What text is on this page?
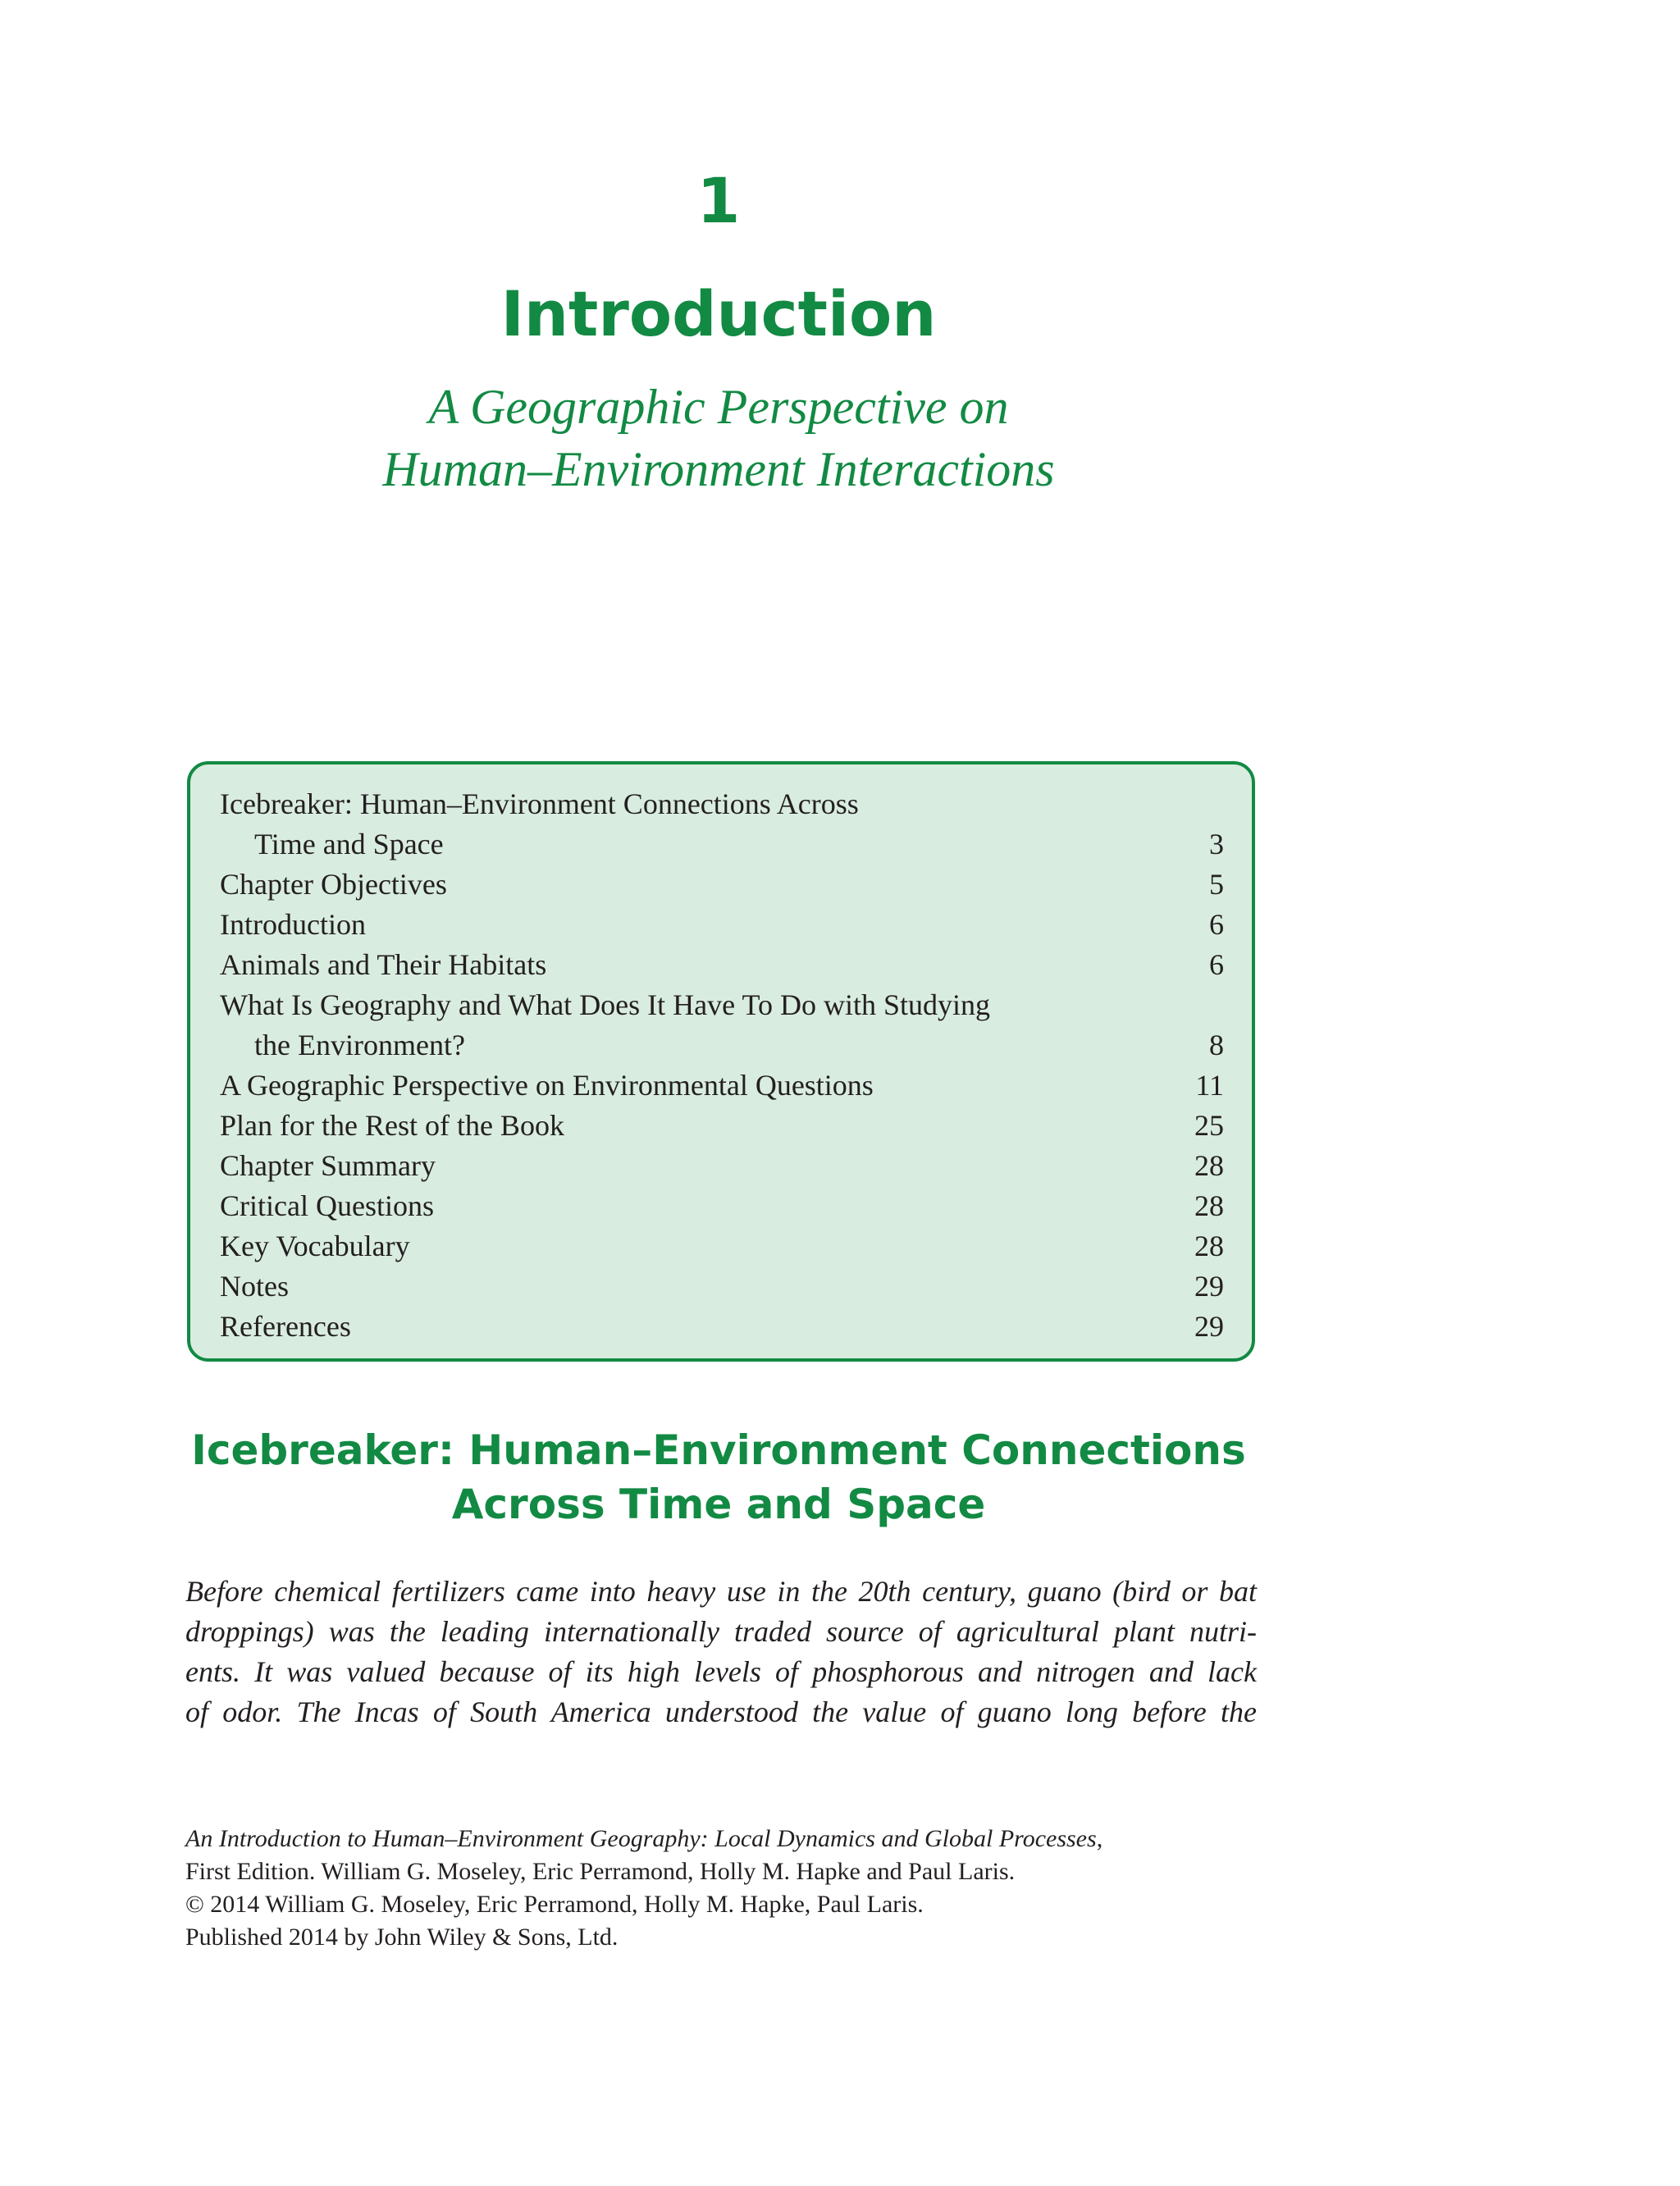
1
Introduction
A Geographic Perspective on
Human–Environment Interactions
Icebreaker: Human–Environment Connections Across
Time and Space	3
Chapter Objectives	5
Introduction	6
Animals and Their Habitats	6
What Is Geography and What Does It Have To Do with Studying
the Environment?	8
A Geographic Perspective on Environmental Questions	11
Plan for the Rest of the Book	25
Chapter Summary	28
Critical Questions	28
Key Vocabulary	28
Notes	29
References	29
Icebreaker: Human–Environment Connections
Across Time and Space
Before chemical fertilizers came into heavy use in the 20th century, guano (bird or bat
droppings) was the leading internationally traded source of agricultural plant nutri-
ents. It was valued because of its high levels of phosphorous and nitrogen and lack
of odor. The Incas of South America understood the value of guano long before the
An Introduction to Human–Environment Geography: Local Dynamics and Global Processes,
First Edition. William G. Moseley, Eric Perramond, Holly M. Hapke and Paul Laris.
© 2014 William G. Moseley, Eric Perramond, Holly M. Hapke, Paul Laris.
Published 2014 by John Wiley & Sons, Ltd.
